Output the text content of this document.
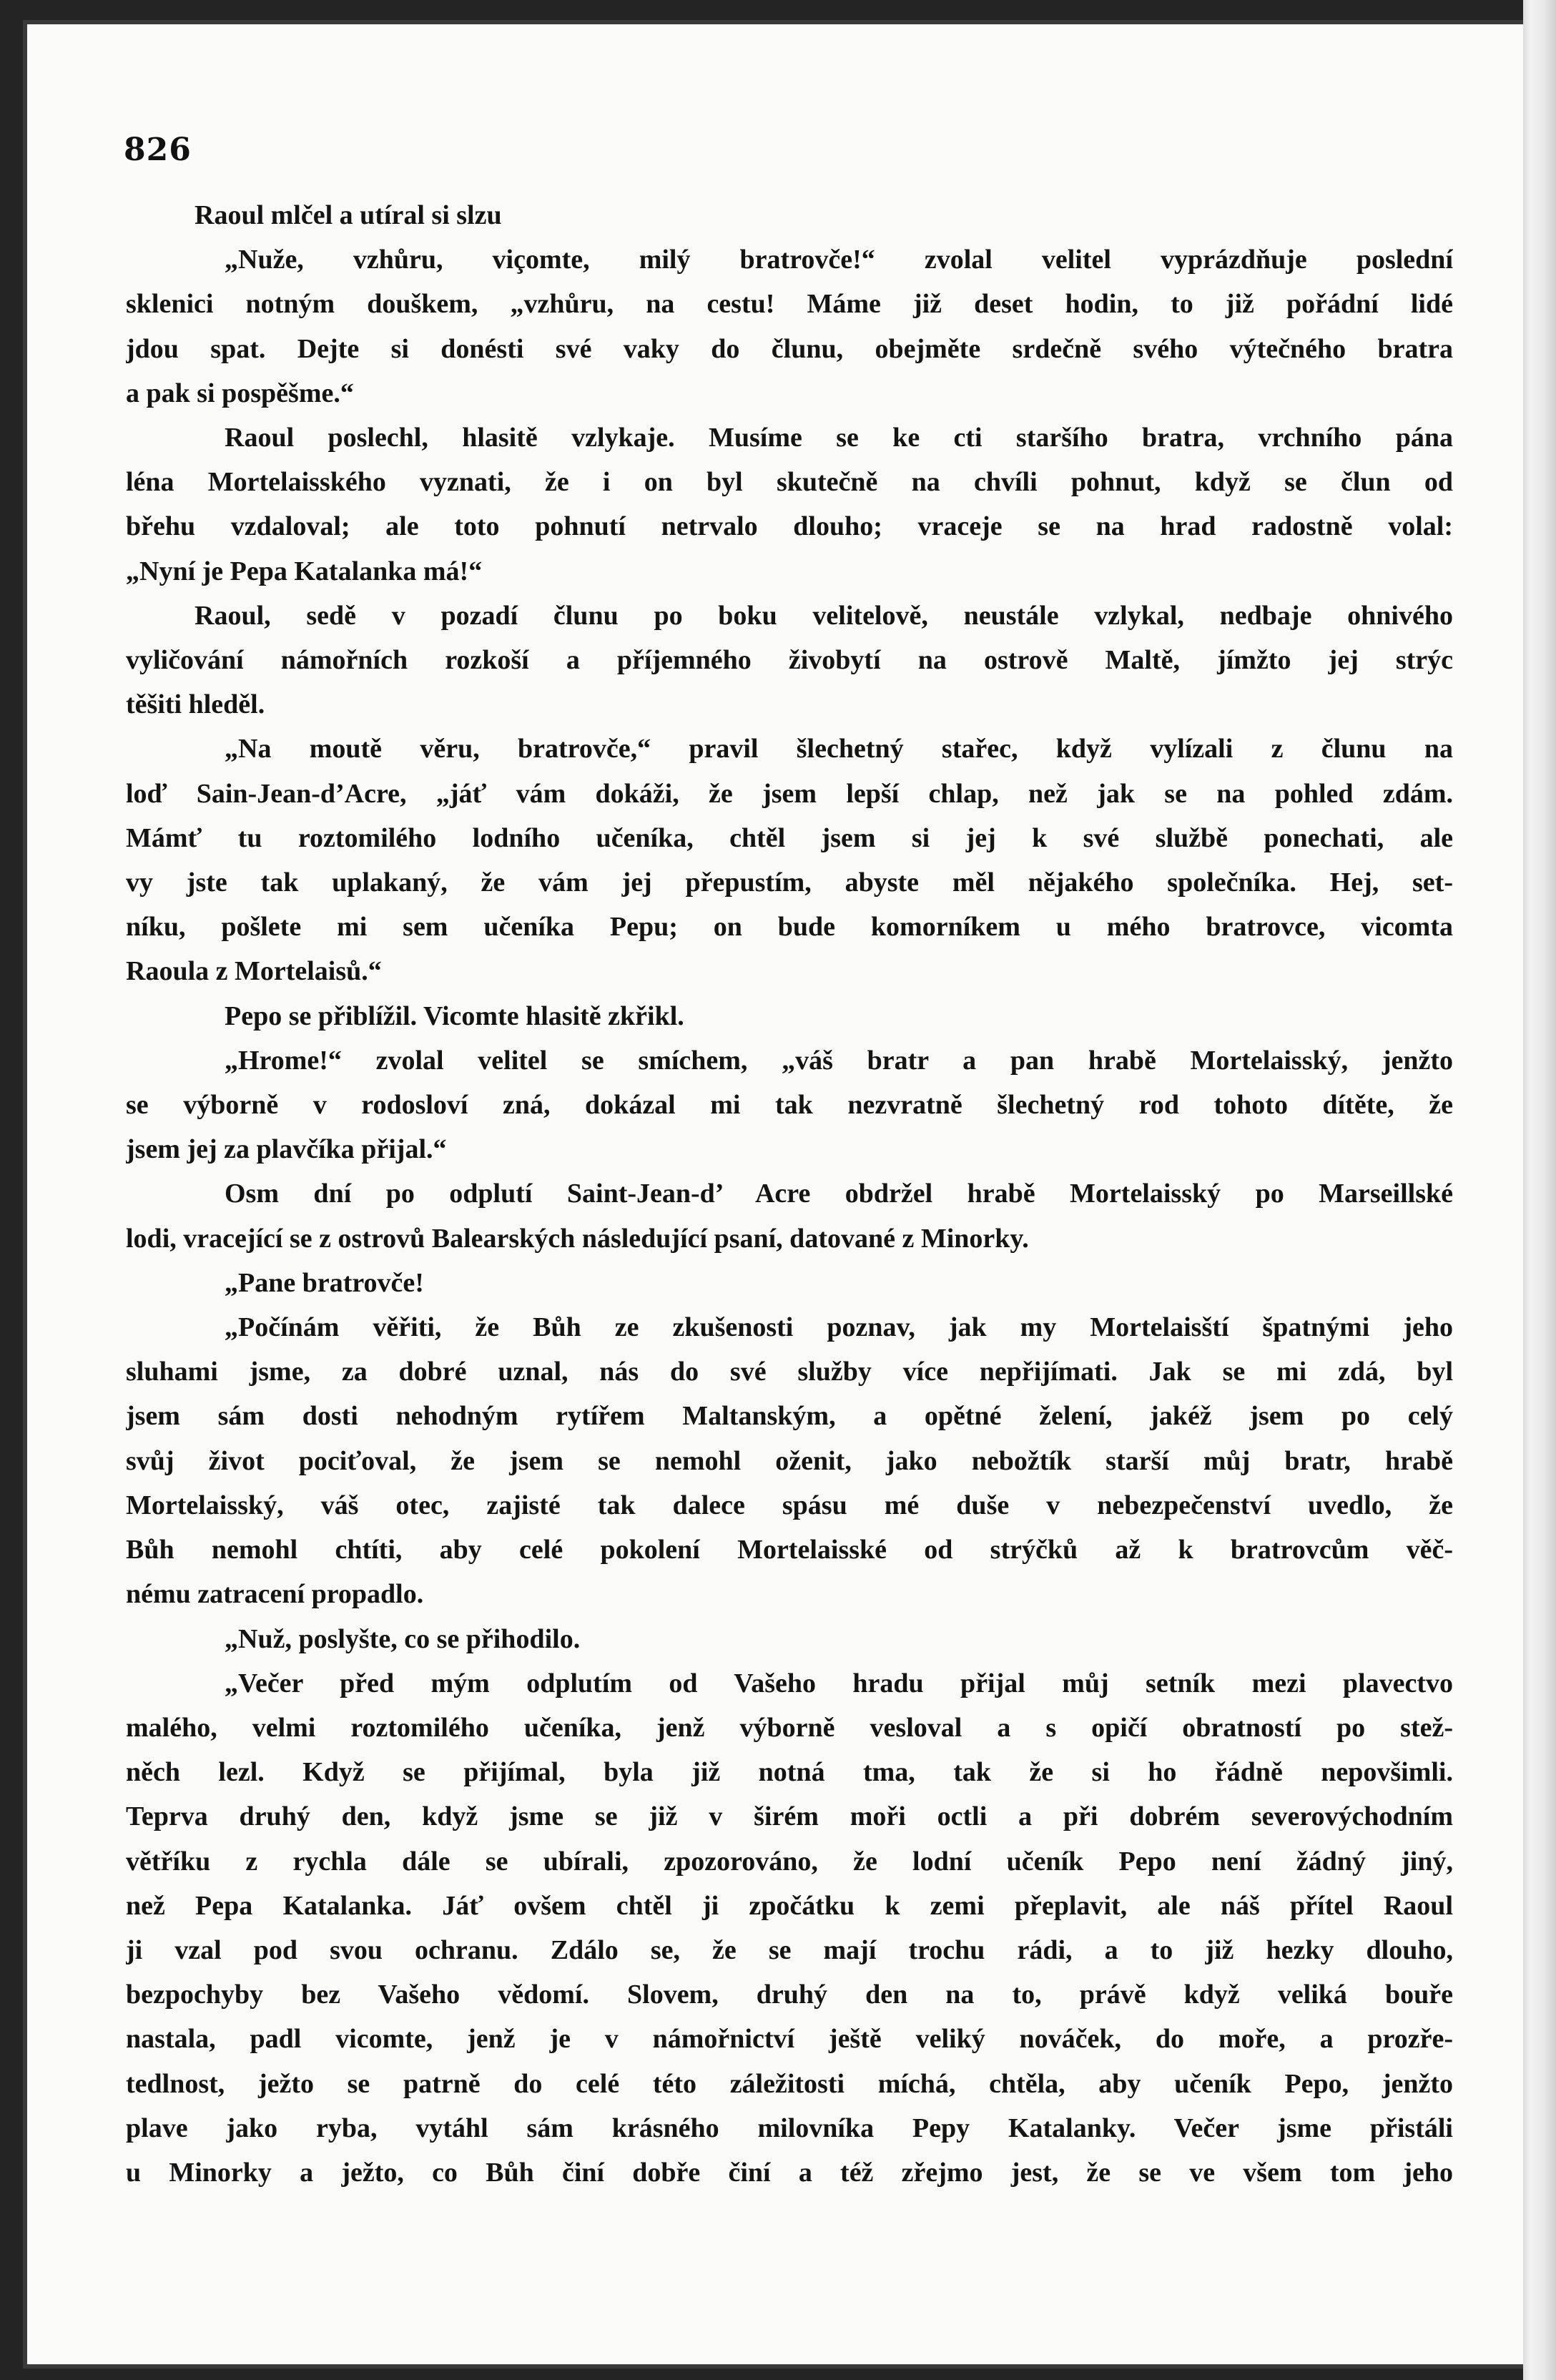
826
Raoul mlčel a utíral si slzu
„Nuže, vzhůru, viçomte, milý bratrovče!“ zvolal velitel vyprázdňuje poslední
sklenici notným douškem, „vzhůru, na cestu! Máme již deset hodin, to již pořádní lidé
jdou spat. Dejte si donésti své vaky do člunu, obejměte srdečně svého výtečného bratra
a pak si pospěšme.“
Raoul poslechl, hlasitě vzlykaje. Musíme se ke cti staršího bratra, vrchního pána
léna Mortelaisského vyznati, že i on byl skutečně na chvíli pohnut, když se člun od
břehu vzdaloval; ale toto pohnutí netrvalo dlouho; vraceje se na hrad radostně volal:
„Nyní je Pepa Katalanka má!“
Raoul, sedě v pozadí člunu po boku velitelově, neustále vzlykal, nedbaje ohnivého
vyličování námořních rozkoší a příjemného živobytí na ostrově Maltě, jímžto jej strýc
těšiti hleděl.
„Na moutě věru, bratrovče,“ pravil šlechetný stařec, když vylízali z člunu na
loď Sain-Jean-d’Acre, „jáť vám dokáži, že jsem lepší chlap, než jak se na pohled zdám.
Mámť tu roztomilého lodního učeníka, chtěl jsem si jej k své službě ponechati, ale
vy jste tak uplakaný, že vám jej přepustím, abyste měl nějakého společníka. Hej, set-
níku, pošlete mi sem učeníka Pepu; on bude komorníkem u mého bratrovce, vicomta
Raoula z Mortelaisů.“
Pepo se přiblížil. Vicomte hlasitě zkřikl.
„Hrome!“ zvolal velitel se smíchem, „váš bratr a pan hrabě Mortelaisský, jenžto
se výborně v rodosloví zná, dokázal mi tak nezvratně šlechetný rod tohoto dítěte, že
jsem jej za plavčíka přijal.“
Osm dní po odplutí Saint-Jean-d’ Acre obdržel hrabě Mortelaisský po Marseillské
lodi, vracející se z ostrovů Balearských následující psaní, datované z Minorky.
„Pane bratrovče!
„Počínám věřiti, že Bůh ze zkušenosti poznav, jak my Mortelaisští špatnými jeho
sluhami jsme, za dobré uznal, nás do své služby více nepřijímati. Jak se mi zdá, byl
jsem sám dosti nehodným rytířem Maltanským, a opětné želení, jakéž jsem po celý
svůj život pociťoval, že jsem se nemohl oženit, jako nebožtík starší můj bratr, hrabě
Mortelaisský, váš otec, zajisté tak dalece spásu mé duše v nebezpečenství uvedlo, že
Bůh nemohl chtíti, aby celé pokolení Mortelaisské od strýčků až k bratrovcům věč-
nému zatracení propadlo.
„Nuž, poslyšte, co se přihodilo.
„Večer před mým odplutím od Vašeho hradu přijal můj setník mezi plavectvo
malého, velmi roztomilého učeníka, jenž výborně vesloval a s opičí obratností po stež-
něch lezl. Když se přijímal, byla již notná tma, tak že si ho řádně nepovšimli.
Teprva druhý den, když jsme se již v širém moři octli a při dobrém severovýchodním
větříku z rychla dále se ubírali, zpozorováno, že lodní učeník Pepo není žádný jiný,
než Pepa Katalanka. Jáť ovšem chtěl ji zpočátku k zemi přeplavit, ale náš přítel Raoul
ji vzal pod svou ochranu. Zdálo se, že se mají trochu rádi, a to již hezky dlouho,
bezpochyby bez Vašeho vědomí. Slovem, druhý den na to, právě když veliká bouře
nastala, padl vicomte, jenž je v námořnictví ještě veliký nováček, do moře, a prozře-
tedlnost, ježto se patrně do celé této záležitosti míchá, chtěla, aby učeník Pepo, jenžto
plave jako ryba, vytáhl sám krásného milovníka Pepy Katalanky. Večer jsme přistáli
u Minorky a ježto, co Bůh činí dobře činí a též zřejmo jest, že se ve všem tom jeho
